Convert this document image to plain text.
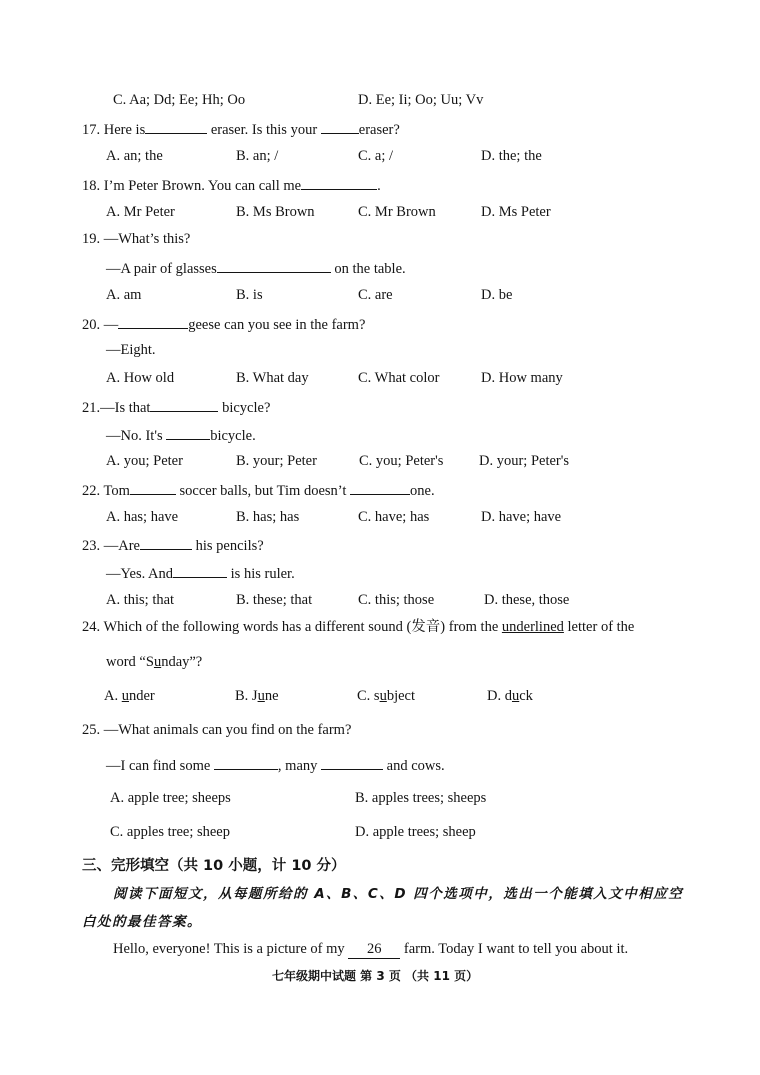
C. Aa; Dd; Ee; Hh; Oo	D. Ee; Ii; Oo; Uu; Vv
17. Here is	eraser. Is this your	eraser?
A. an; the	B. an; /	C. a; /	D. the; the
18. I’m Peter Brown. You can call me	.
A. Mr Peter	B. Ms Brown	C. Mr Brown	D. Ms Peter
19. —What’s this?
—A pair of glasses	on the table.
A. am	B. is	C. are	D. be
20. —	geese can you see in the farm?
—Eight.
A. How old	B. What day	C. What color	D. How many
21.—Is that	bicycle?
—No. It's	bicycle.
A. you; Peter	B. your; Peter	C. you; Peter's D. your; Peter's
22. Tom	soccer balls, but Tim doesn’t	one.
A. has; have	B. has; has	C. have; has	D. have; have
23. —Are	his pencils?
—Yes. And	is his ruler.
A. this; that	B. these; that	C. this; those	D. these, those
24. Which of the following words has a different sound (发音) from the underlined letter of the
word “Sunday”?
A. under	B. June	C. subject	D. duck
25. —What animals can you find on the farm?
—I can find some	, many	and cows.
A. apple tree; sheeps	B. apples trees; sheeps
C. apples tree; sheep	D. apple trees; sheep
三、完形填空（共 10 小题，计 10 分）
阅读下面短文，从每题所给的 A、B、C、D 四个选项中，选出一个能填入文中相应空
白处的最佳答案。
Hello, everyone! This is a picture of my 26 farm. Today I want to tell you about it.
七年级期中试题 第 3 页 （共 11 页）
